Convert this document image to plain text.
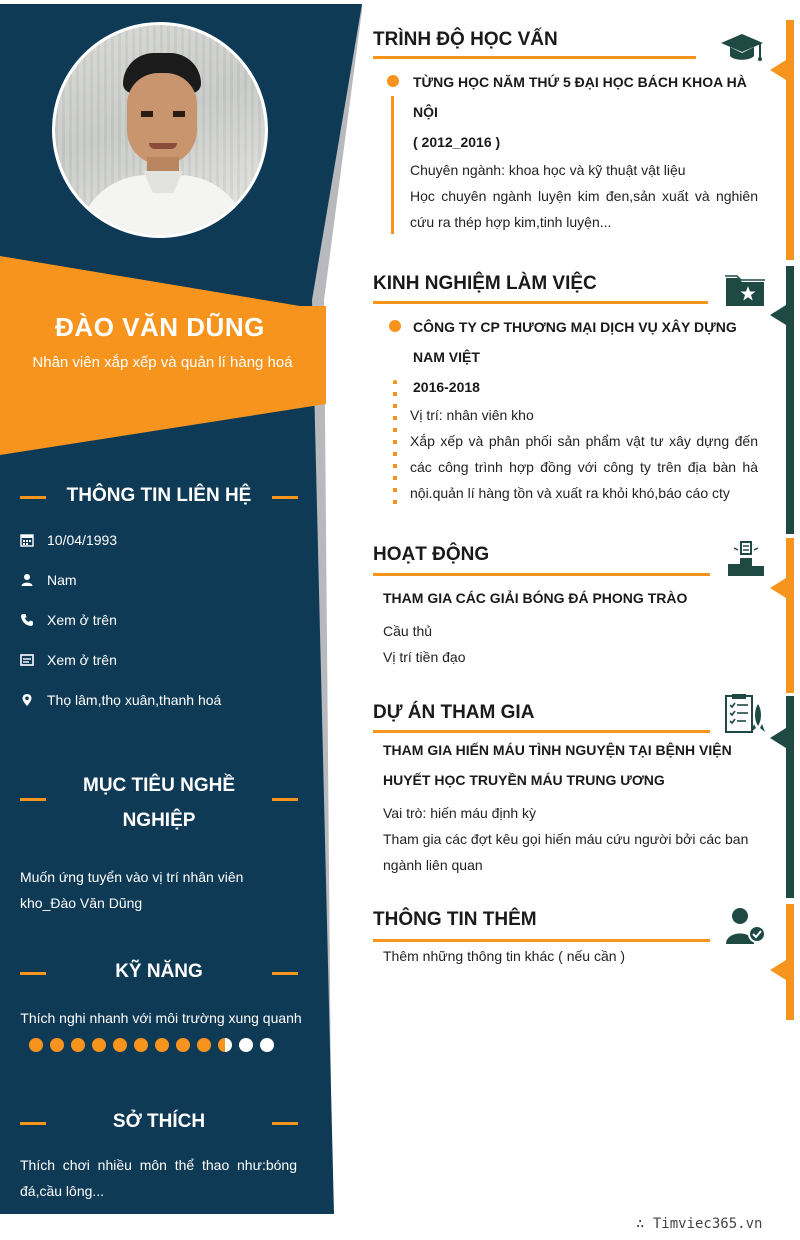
ĐÀO VĂN DŨNG
Nhân viên xắp xếp và quản lí hàng hoá
THÔNG TIN LIÊN HỆ
10/04/1993
Nam
Xem ở trên
Xem ở trên
Thọ lâm,thọ xuân,thanh hoá
MỤC TIÊU NGHỀ
NGHIỆP
Muốn ứng tuyển vào vị trí nhân viên kho_Đào Văn Dũng
KỸ NĂNG
Thích nghi nhanh với môi trường xung quanh
SỞ THÍCH
Thích chơi nhiều môn thể thao như:bóng đá,cầu lông...
TRÌNH ĐỘ HỌC VẤN
TỪNG HỌC NĂM THỨ 5 ĐẠI HỌC BÁCH KHOA HÀ
NỘI
( 2012_2016 )
Chuyên ngành: khoa học và kỹ thuật vật liệu
Học chuyên ngành luyện kim đen,sản xuất và nghiên cứu ra thép hợp kim,tinh luyện...
KINH NGHIỆM LÀM VIỆC
CÔNG TY CP THƯƠNG MẠI DỊCH VỤ XÂY DỰNG
NAM VIỆT
2016-2018
Vị trí: nhân viên kho
Xắp xếp và phân phối sản phẩm vật tư xây dựng đến các công trình hợp đồng với công ty trên địa bàn hà nội.quản lí hàng tồn và xuất ra khỏi khó,báo cáo cty
HOẠT ĐỘNG
THAM GIA CÁC GIẢI BÓNG ĐÁ PHONG TRÀO
Cầu thủ
Vị trí tiền đạo
DỰ ÁN THAM GIA
THAM GIA HIẾN MÁU TÌNH NGUYỆN TẠI BỆNH VIỆN
HUYẾT HỌC TRUYỀN MÁU TRUNG ƯƠNG
Vai trò: hiến máu định kỳ
Tham gia các đợt kêu gọi hiến máu cứu người bởi các ban ngành liên quan
THÔNG TIN THÊM
Thêm những thông tin khác ( nếu cần )
∴ Timviec365.vn
